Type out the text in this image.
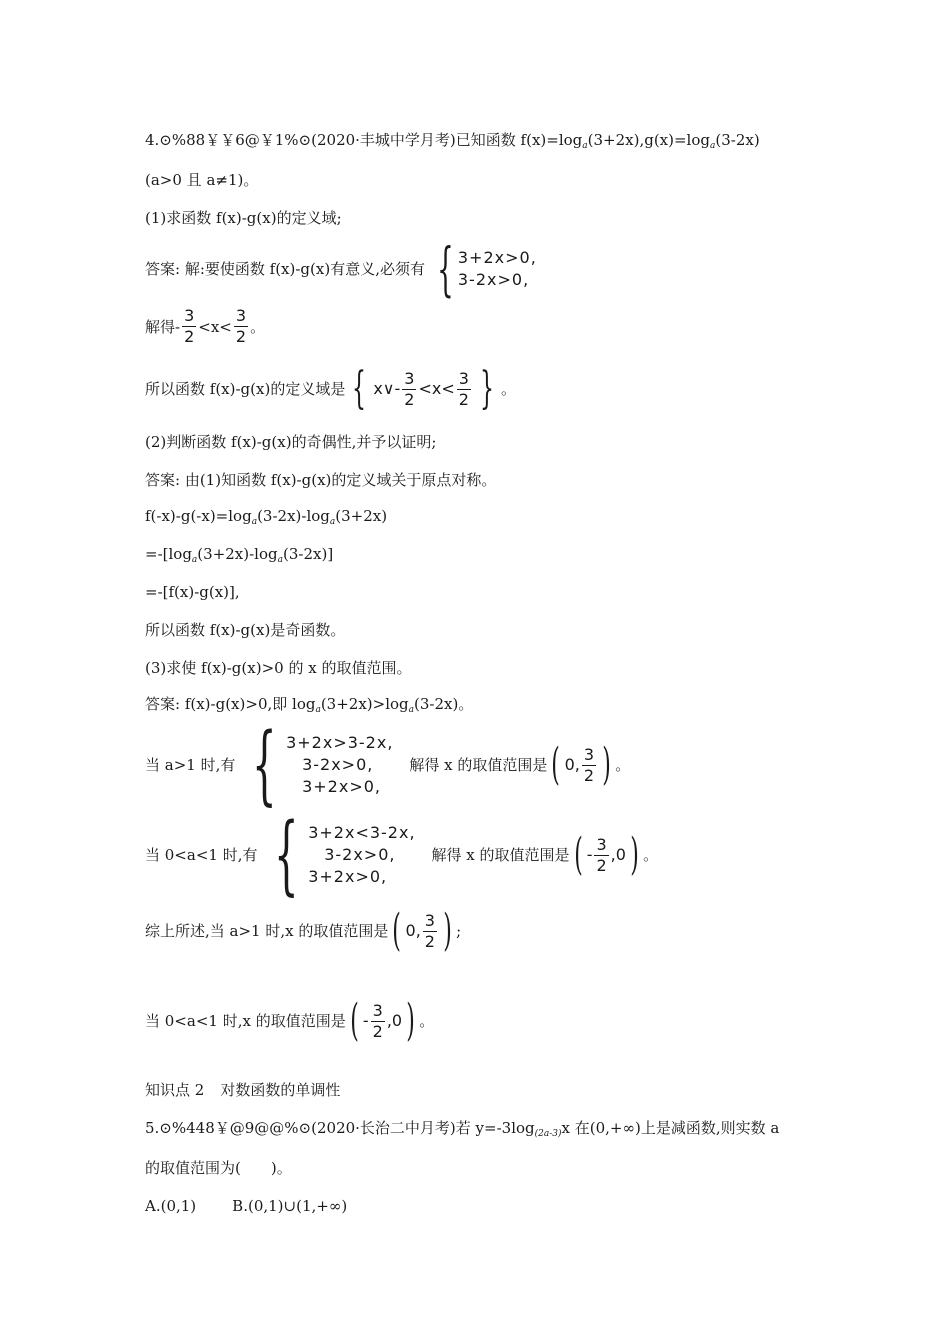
4.⊙%88￥￥6@￥1%⊙(2020·丰城中学月考)已知函数 $f(x)=\log_a(3+2x),g(x)=\log_a(3-2x)$
(a>0 且 a≠1)。
(1)求函数 f(x)-g(x)的定义域;
答案: 解:要使函数 f(x)-g(x)有意义,必须有 { 3+2x>0,
3-2x>0,
解得- $\frac{3}{2} <x< \frac{3}{2}$ 。
所以函数 f(x)-g(x)的定义域是 { x∨- $\frac{3}{2} <x< \frac{3}{2}$ } 。
(2)判断函数 f(x)-g(x)的奇偶性,并予以证明;
答案: 由(1)知函数 f(x)-g(x)的定义域关于原点对称。
$f(-x)-g(-x)=\log_a(3-2x)-\log_a(3+2x)$
$=-[\log_a(3+2x)-\log_a(3-2x)]$
=-[f(x)-g(x)],
所以函数 f(x)-g(x)是奇函数。
(3)求使 f(x)-g(x)>0 的 x 的取值范围。
答案: f(x)-g(x)>0,即 $\log_a(3+2x)>\log_a(3-2x)$。
当 a>1 时,有 { 3+2x>3-2x,
3-2x>0,
3+2x>0,
解得 x 的取值范围是 ( 0, $\frac{3}{2}$ ) 。
当 0<a<1 时,有 { 3+2x<3-2x,
3-2x>0,
3+2x>0,
解得 x 的取值范围是 ( - $\frac{3}{2} ,0$ ) 。
综上所述,当 a>1 时,x 的取值范围是 ( 0, $\frac{3}{2}$ ) ;
当 0<a<1 时,x 的取值范围是 ( - $\frac{3}{2} ,0$ ) 。
知识点 2 对数函数的单调性
5.⊙%448￥@9@@%⊙(2020·长治二中月考)若 $y=-3\log_{(2a-3)}x$ 在(0,+∞)上是减函数,则实数 a
的取值范围为(　　)。
A.(0,1) B.(0,1)∪(1,+∞)
